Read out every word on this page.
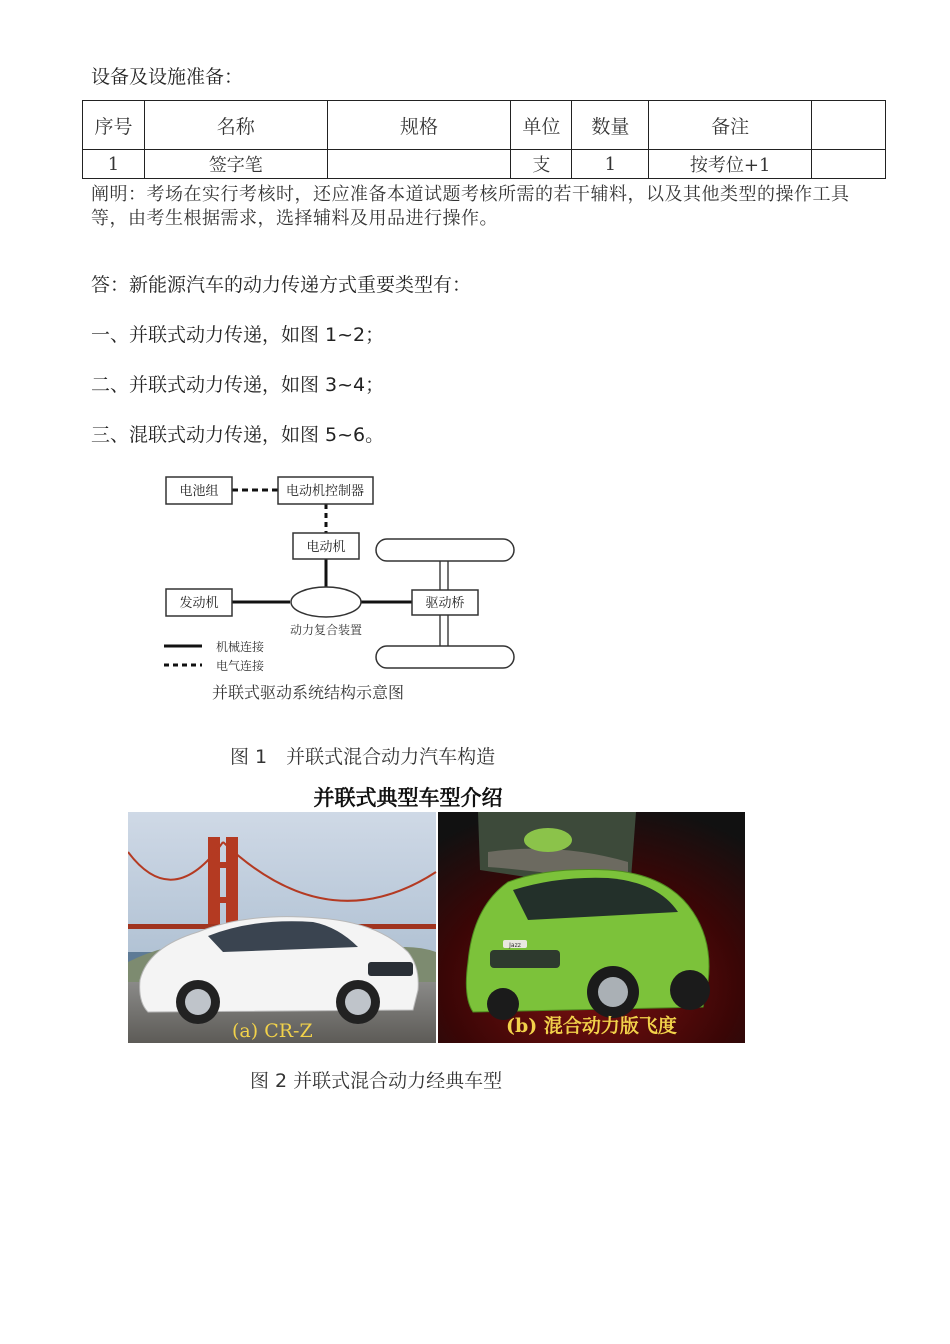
设备及设施准备：
序号	名称	规格	单位	数量	备注	
1	签字笔		支	1	按考位+1	
阐明：考场在实行考核时，还应准备本道试题考核所需的若干辅料，以及其他类型的操作工具等，由考生根据需求，选择辅料及用品进行操作。
答：新能源汽车的动力传递方式重要类型有：
一、并联式动力传递，如图 1~2；
二、并联式动力传递，如图 3~4；
三、混联式动力传递，如图 5~6。
电池组	电动机控制器
电动机
发动机
动力复合装置
驱动桥
机械连接
电气连接
并联式驱动系统结构示意图
图 1　并联式混合动力汽车构造
并联式典型车型介绍
(a) CR-Z
Jazz
(b) 混合动力版飞度
图 2 并联式混合动力经典车型
